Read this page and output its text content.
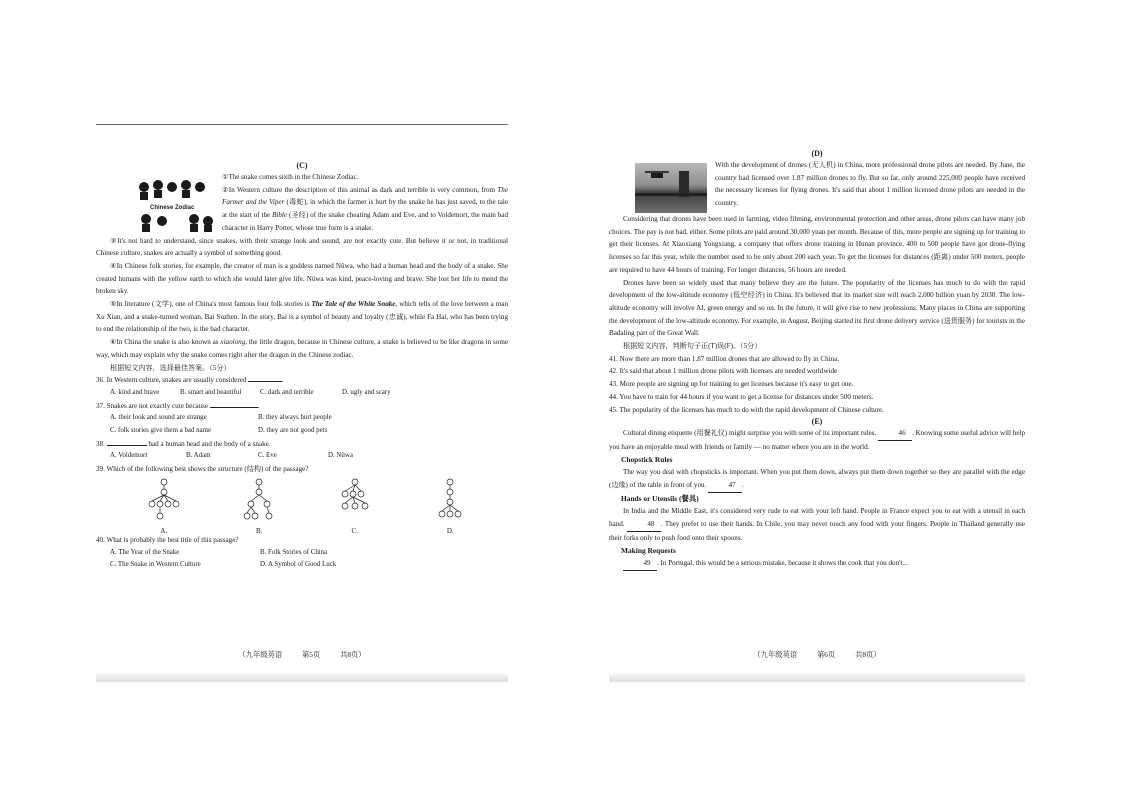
(C)

Chinese Zodiac

①The snake comes sixth in the Chinese Zodiac.

②In Western culture the description of this animal as dark and terrible is very common, from The Farmer and the Viper (毒蛇), in which the farmer is hurt by the snake he has just saved, to the tale at the start of the Bible (圣经) of the snake cheating Adam and Eve, and to Voldemort, the main bad character in Harry Potter, whose true form is a snake.

③It's not hard to understand, since snakes, with their strange look and sound, are not exactly cute. But believe it or not, in traditional Chinese culture, snakes are actually a symbol of something good.

④In Chinese folk stories, for example, the creator of man is a goddess named Nüwa, who had a human head and the body of a snake. She created humans with the yellow earth to which she would later give life. Nüwa was kind, peace-loving and brave. She lost her life to mend the broken sky.

⑤In literature (文学), one of China's most famous four folk stories is The Tale of the White Snake, which tells of the love between a man Xu Xian, and a snake-turned woman, Bai Suzhen. In the story, Bai is a symbol of beauty and loyalty (忠诚), while Fa Hai, who has been trying to end the relationship of the two, is the bad character.

⑥In China the snake is also known as xiaolong, the little dragon, because in Chinese culture, a snake is believed to be like dragons in some way, which may explain why the snake comes right after the dragon in the Chinese zodiac.

根据短文内容，选择最佳答案。（5分）

36. In Western culture, snakes are usually considered	.

A. kind and brave	B. smart and beautiful	C. dark and terrible	D. ugly and scary

37. Snakes are not exactly cute because	.

A. their look and sound are strange	B. they always hurt people
C. folk stories give them a bad name	D. they are not good pets

38.	had a human head and the body of a snake.

A. Voldemort	B. Adam	C. Eve	D. Nüwa

39. Which of the following best shows the structure (结构) of the passage?

A.	B.	C.	D.

40. What is probably the best title of this passage?

A. The Year of the Snake	B. Folk Stories of China
C. The Snake in Western Culture	D. A Symbol of Good Luck
（九年级英语	第5页	共8页）

(D)

With the development of drones (无人机) in China, more professional drone pilots are needed. By June, the country had licensed over 1.87 million drones to fly. But so far, only around 225,000 people have received the necessary licenses for flying drones. It's said that about 1 million licensed drone pilots are needed in the country.

Considering that drones have been used in farming, video filming, environmental protection and other areas, drone pilots can have many job choices. The pay is not bad, either. Some pilots are paid around 30,000 yuan per month. Because of this, more people are signing up for training to get their licenses. At Xiaoxiang Yongxiang, a company that offers drone training in Hunan province, 400 to 500 people have got drone-flying licenses so far this year, while the number used to be only about 200 each year. To get the licenses for distances (距离) under 500 meters, people are required to have 44 hours of training. For longer distances, 56 hours are needed.

Drones have been so widely used that many believe they are the future. The popularity of the licenses has much to do with the rapid development of the low-altitude economy (低空经济) in China. It's believed that its market size will reach 2,000 billion yuan by 2030. The low-altitude economy will involve AI, green energy and so on. In the future, it will give rise to new professions. Many places in China are supporting the development of the low-altitude economy. For example, in August, Beijing started its first drone delivery service (送货服务) for tourists in the Badaling part of the Great Wall.

根据短文内容，判断句子正(T)误(F)。（5分）

41. Now there are more than 1.87 million drones that are allowed to fly in China.

42. It's said that about 1 million drone pilots with licenses are needed worldwide

43. More people are signing up for training to get licenses because it's easy to get one.

44. You have to train for 44 hours if you want to get a license for distances under 500 meters.

45. The popularity of the licenses has much to do with the rapid development of Chinese culture.

(E)

Cultural dining etiquette (用餐礼仪) might surprise you with some of its important rules.	46 . Knowing some useful advice will help you have an enjoyable meal with friends or family — no matter where you are in the world.

Chopstick Rules

The way you deal with chopsticks is important. When you put them down, always put them down together so they are parallel with the edge (边缘) of the table in front of you.	47 .

Hands or Utensils (餐具)

In India and the Middle East, it's considered very rude to eat with your left hand. People in France expect you to eat with a utensil in each hand.	48 . They prefer to use their hands. In Chile, you may never touch any food with your fingers. People in Thailand generally use their forks only to push food onto their spoons.

Making Requests

49 . In Portugal, this would be a serious mistake, because it shows the cook that you don't...

（九年级英语	第6页	共8页）
